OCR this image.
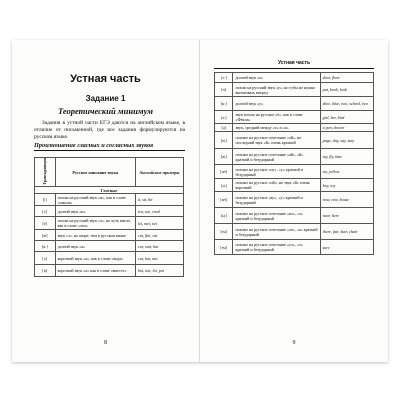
Устная часть
Задание 1
Теоретический минимум
Задания в устной части ЕГЭ даются на английском языке, в отличие от письменной, где все задания формулируются на русском языке.
Произношение гласных и согласных звуков
Транскрипция	Русское описание звука	Английские примеры
Гласные		
[i]	похож на русский звук «и», как в слове «школа»	it, sit, bit
[i:]	долгий звук «и»	tea, see, read
[e]	похож на русский звук «э», но чуть мягче, как в слове «эти»	let, met, net
[æ]	звук «э», но шире, чем в русском языке	cat, flat, rat
[ɑ:]	долгий звук «а»	car, star, bar
[ʌ]	короткий звук «а», как в слове «вода»	cut, but, nut
[ɒ]	короткий звук «о» как в слове «вместе»	hot, not, lot, pot
8
Устная часть
[ɔ:]	долгий звук «о»	door, floor
[ʊ]	похож на русский звук «у», но губы не нужно вытягивать вперед	put, book, look
[u:]	долгий звук «у»	shoe, blue, two, school, two
[ɜ:]	звук похож на русское «ё», как в слове «Фёкла»	girl, her, bird
[ə]	звук, средний между «э» и «а»	a pen, doctor
[eɪ]	похоже на русское сочетание «эй», но последний звук «й» очень краткий	page, day, say, stay
[aɪ]	похоже на русское сочетание «ай», «й» краткий и безударный	my, fly, time
[əʊ]	похоже на русское «оу», «у» краткий и безударный	no, yellow
[ɔɪ]	похоже на русское «ой», но звук «й» очень короткий	boy, toy
[aʊ]	похоже на русское «ау», «у» краткий и безударный	now, cow, house
[ɪə]	похоже на русское сочетание «иэ», «э» краткий и безударный	near, here
[eə]	похоже на русское сочетание «эа», «а» краткий и безударный	there, fair, hair, chair
[ʊə]	похоже на русское сочетание «уэ», «э» краткий и безударный	sure
9
